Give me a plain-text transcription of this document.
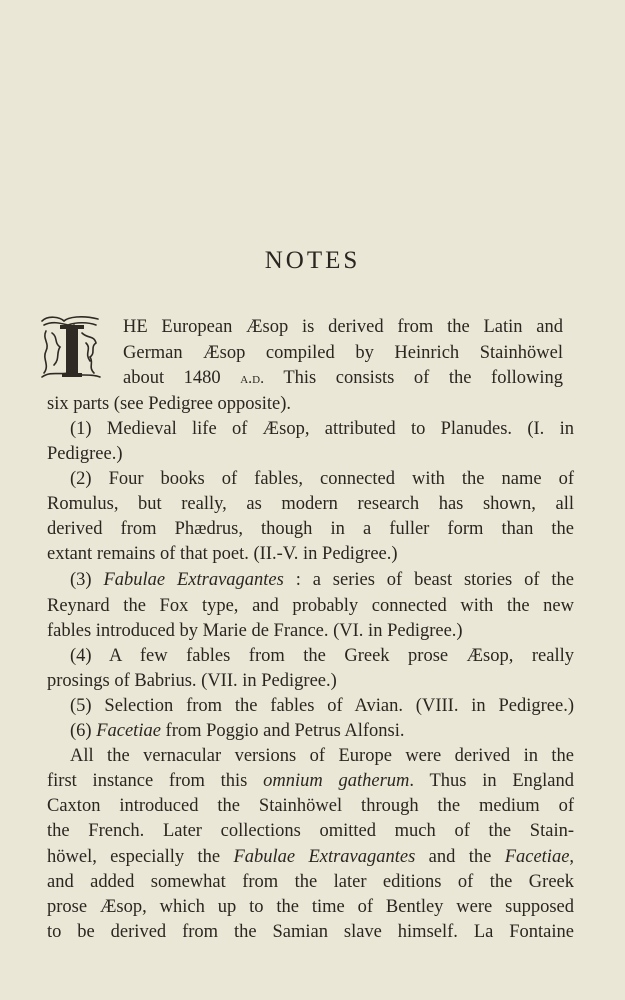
NOTES
HE European Æsop is derived from the Latin and
German Æsop compiled by Heinrich Stainhöwel
about 1480 a.d. This consists of the following
six parts (see Pedigree opposite).
(1) Medieval life of Æsop, attributed to Planudes. (I. in
Pedigree.)
(2) Four books of fables, connected with the name of
Romulus, but really, as modern research has shown, all
derived from Phædrus, though in a fuller form than the
extant remains of that poet. (II.-V. in Pedigree.)
(3) Fabulae Extravagantes : a series of beast stories of the
Reynard the Fox type, and probably connected with the new
fables introduced by Marie de France. (VI. in Pedigree.)
(4) A few fables from the Greek prose Æsop, really
prosings of Babrius. (VII. in Pedigree.)
(5) Selection from the fables of Avian. (VIII. in Pedigree.)
(6) Facetiae from Poggio and Petrus Alfonsi.
All the vernacular versions of Europe were derived in the
first instance from this omnium gatherum. Thus in England
Caxton introduced the Stainhöwel through the medium of
the French. Later collections omitted much of the Stain-
höwel, especially the Fabulae Extravagantes and the Facetiae,
and added somewhat from the later editions of the Greek
prose Æsop, which up to the time of Bentley were supposed
to be derived from the Samian slave himself. La Fontaine
